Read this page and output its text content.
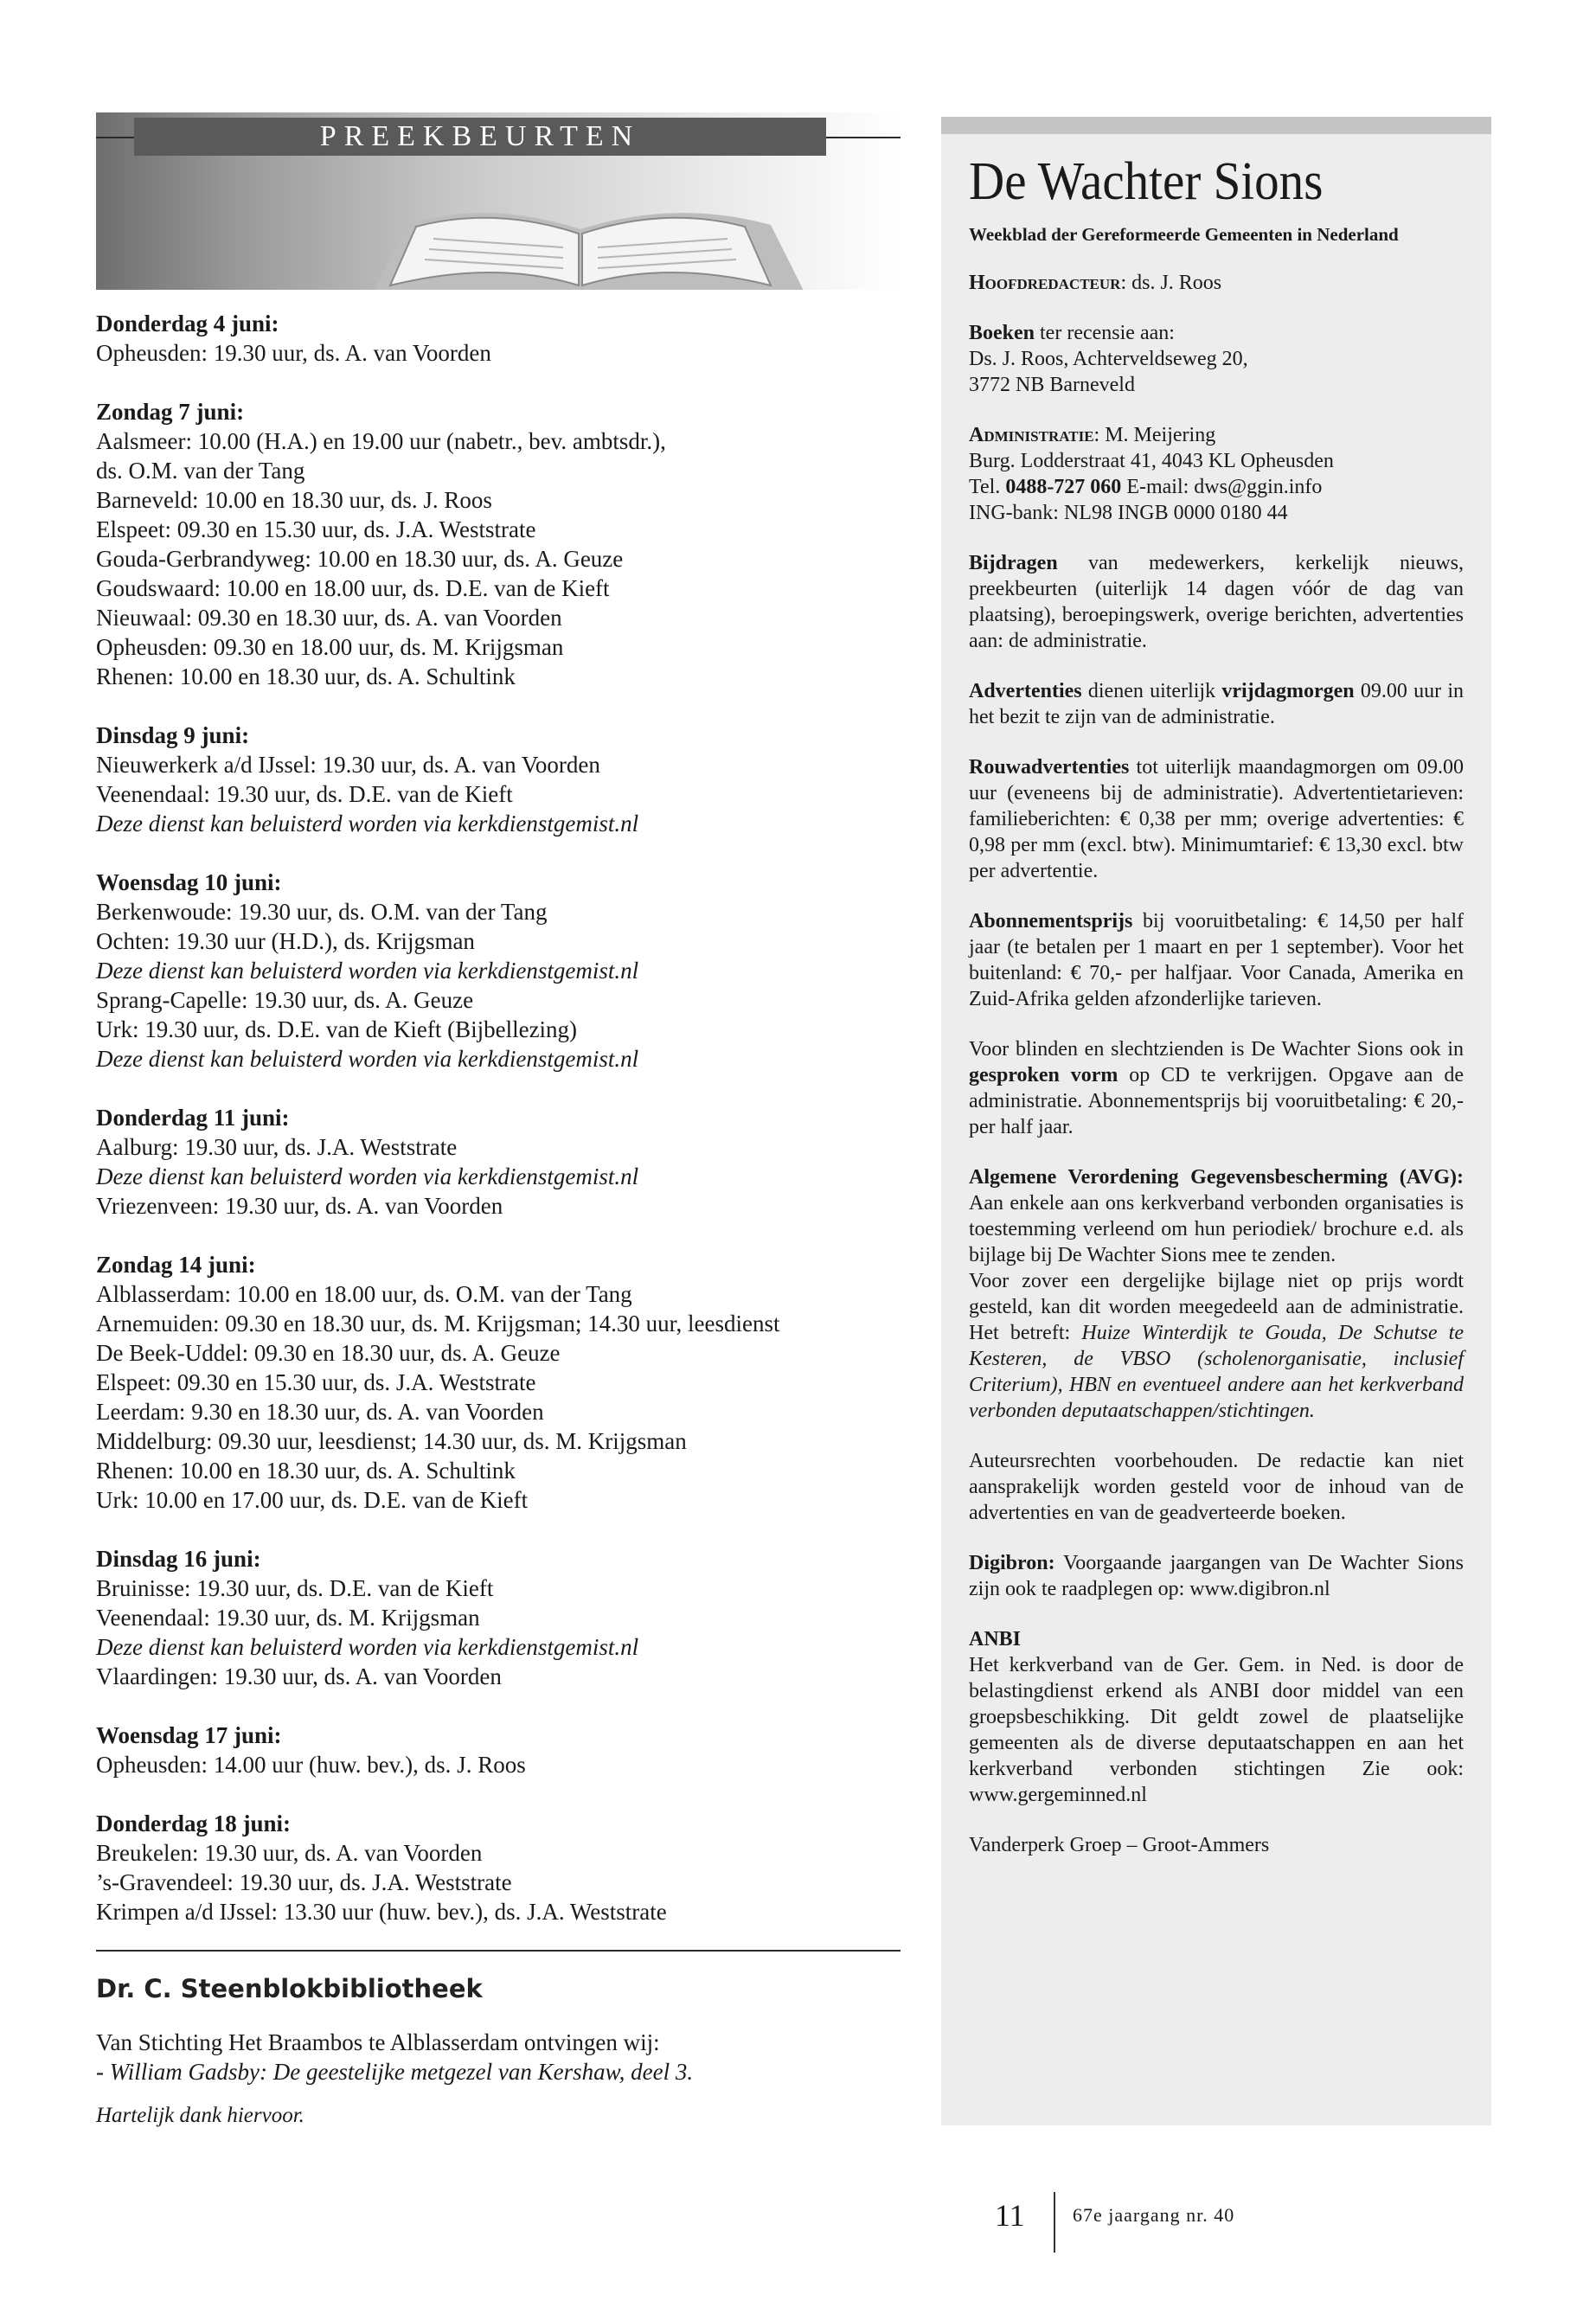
PREEKBEURTEN
Donderdag 4 juni:
Opheusden: 19.30 uur, ds. A. van Voorden
Zondag 7 juni:
Aalsmeer: 10.00 (H.A.) en 19.00 uur (nabetr., bev. ambtsdr.),
ds. O.M. van der Tang
Barneveld: 10.00 en 18.30 uur, ds. J. Roos
Elspeet: 09.30 en 15.30 uur, ds. J.A. Weststrate
Gouda-Gerbrandyweg: 10.00 en 18.30 uur, ds. A. Geuze
Goudswaard: 10.00 en 18.00 uur, ds. D.E. van de Kieft
Nieuwaal: 09.30 en 18.30 uur, ds. A. van Voorden
Opheusden: 09.30 en 18.00 uur, ds. M. Krijgsman
Rhenen: 10.00 en 18.30 uur, ds. A. Schultink
Dinsdag 9 juni:
Nieuwerkerk a/d IJssel: 19.30 uur, ds. A. van Voorden
Veenendaal: 19.30 uur, ds. D.E. van de Kieft
Deze dienst kan beluisterd worden via kerkdienstgemist.nl
Woensdag 10 juni:
Berkenwoude: 19.30 uur, ds. O.M. van der Tang
Ochten: 19.30 uur (H.D.), ds. Krijgsman
Deze dienst kan beluisterd worden via kerkdienstgemist.nl
Sprang-Capelle: 19.30 uur, ds. A. Geuze
Urk: 19.30 uur, ds. D.E. van de Kieft (Bijbellezing)
Deze dienst kan beluisterd worden via kerkdienstgemist.nl
Donderdag 11 juni:
Aalburg: 19.30 uur, ds. J.A. Weststrate
Deze dienst kan beluisterd worden via kerkdienstgemist.nl
Vriezenveen: 19.30 uur, ds. A. van Voorden
Zondag 14 juni:
Alblasserdam: 10.00 en 18.00 uur, ds. O.M. van der Tang
Arnemuiden: 09.30 en 18.30 uur, ds. M. Krijgsman; 14.30 uur, leesdienst
De Beek-Uddel: 09.30 en 18.30 uur, ds. A. Geuze
Elspeet: 09.30 en 15.30 uur, ds. J.A. Weststrate
Leerdam: 9.30 en 18.30 uur, ds. A. van Voorden
Middelburg: 09.30 uur, leesdienst; 14.30 uur, ds. M. Krijgsman
Rhenen: 10.00 en 18.30 uur, ds. A. Schultink
Urk: 10.00 en 17.00 uur, ds. D.E. van de Kieft
Dinsdag 16 juni:
Bruinisse: 19.30 uur, ds. D.E. van de Kieft
Veenendaal: 19.30 uur, ds. M. Krijgsman
Deze dienst kan beluisterd worden via kerkdienstgemist.nl
Vlaardingen: 19.30 uur, ds. A. van Voorden
Woensdag 17 juni:
Opheusden: 14.00 uur (huw. bev.), ds. J. Roos
Donderdag 18 juni:
Breukelen: 19.30 uur, ds. A. van Voorden
’s-Gravendeel: 19.30 uur, ds. J.A. Weststrate
Krimpen a/d IJssel: 13.30 uur (huw. bev.), ds. J.A. Weststrate
Dr. C. Steenblokbibliotheek
Van Stichting Het Braambos te Alblasserdam ontvingen wij:
- William Gadsby: De geestelijke metgezel van Kershaw, deel 3.
Hartelijk dank hiervoor.
De Wachter Sions
Weekblad der Gereformeerde Gemeenten in Nederland
Hoofdredacteur: ds. J. Roos
Boeken ter recensie aan:
Ds. J. Roos, Achterveldseweg 20,
3772 NB Barneveld
Administratie: M. Meijering
Burg. Lodderstraat 41, 4043 KL Opheusden
Tel. 0488-727 060 E-mail: dws@ggin.info
ING-bank: NL98 INGB 0000 0180 44
Bijdragen van medewerkers, kerkelijk nieuws, preekbeurten (uiterlijk 14 dagen vóór de dag van plaatsing), beroepingswerk, overige berichten, advertenties aan: de administratie.
Advertenties dienen uiterlijk vrijdagmorgen 09.00 uur in het bezit te zijn van de administratie.
Rouwadvertenties tot uiterlijk maandagmorgen om 09.00 uur (eveneens bij de administratie). Advertentietarieven: familieberichten: € 0,38 per mm; overige advertenties: € 0,98 per mm (excl. btw). Minimumtarief: € 13,30 excl. btw per advertentie.
Abonnementsprijs bij vooruitbetaling: € 14,50 per half jaar (te betalen per 1 maart en per 1 september). Voor het buitenland: € 70,- per halfjaar. Voor Canada, Amerika en Zuid-Afrika gelden afzonderlijke tarieven.
Voor blinden en slechtzienden is De Wachter Sions ook in gesproken vorm op CD te verkrijgen. Opgave aan de administratie. Abonnementsprijs bij vooruitbetaling: € 20,- per half jaar.
Algemene Verordening Gegevensbescherming (AVG): Aan enkele aan ons kerkverband verbonden organisaties is toestemming verleend om hun periodiek/ brochure e.d. als bijlage bij De Wachter Sions mee te zenden.
Voor zover een dergelijke bijlage niet op prijs wordt gesteld, kan dit worden meegedeeld aan de administratie. Het betreft: Huize Winterdijk te Gouda, De Schutse te Kesteren, de VBSO (scholenorganisatie, inclusief Criterium), HBN en eventueel andere aan het kerkverband verbonden deputaatschappen/stichtingen.
Auteursrechten voorbehouden. De redactie kan niet aansprakelijk worden gesteld voor de inhoud van de advertenties en van de geadverteerde boeken.
Digibron: Voorgaande jaargangen van De Wachter Sions zijn ook te raadplegen op: www.digibron.nl
ANBI
Het kerkverband van de Ger. Gem. in Ned. is door de belastingdienst erkend als ANBI door middel van een groepsbeschikking. Dit geldt zowel de plaatselijke gemeenten als de diverse deputaatschappen en aan het kerkverband verbonden stichtingen Zie ook: www.gergeminned.nl
Vanderperk Groep – Groot-Ammers
11	67e jaargang nr. 40
